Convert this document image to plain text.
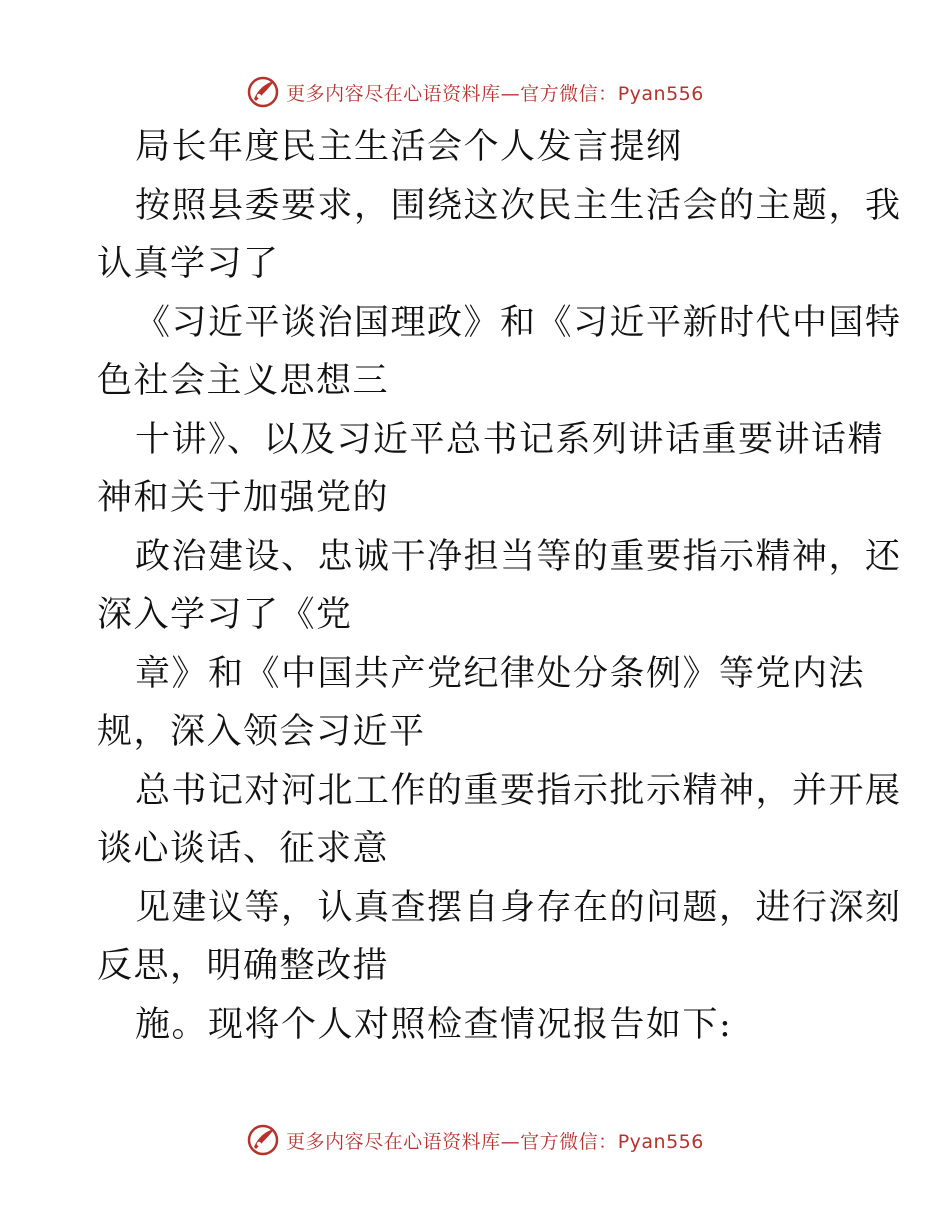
更多内容尽在心语资料库—官方微信：Pyan556
局长年度民主生活会个人发言提纲
按照县委要求，围绕这次民主生活会的主题，我
认真学习了
《习近平谈治国理政》和《习近平新时代中国特
色社会主义思想三
十讲》、以及习近平总书记系列讲话重要讲话精
神和关于加强党的
政治建设、忠诚干净担当等的重要指示精神，还
深入学习了《党
章》和《中国共产党纪律处分条例》等党内法
规，深入领会习近平
总书记对河北工作的重要指示批示精神，并开展
谈心谈话、征求意
见建议等，认真查摆自身存在的问题，进行深刻
反思，明确整改措
施。现将个人对照检查情况报告如下:
更多内容尽在心语资料库—官方微信：Pyan556
